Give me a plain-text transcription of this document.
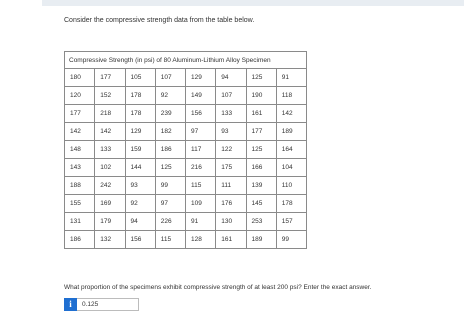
Consider the compressive strength data from the table below.
Compressive Strength (in psi) of 80 Aluminum-Lithium Alloy Specimen							
180	177	105	107	129	94	125	91
120	152	178	92	149	107	190	118
177	218	178	239	156	133	161	142
142	142	129	182	97	93	177	189
148	133	159	186	117	122	125	164
143	102	144	125	216	175	166	104
188	242	93	99	115	111	139	110
155	169	92	97	109	176	145	178
131	179	94	226	91	130	253	157
186	132	156	115	128	161	189	99
What proportion of the specimens exhibit compressive strength of at least 200 psi? Enter the exact answer.
i
0.125
